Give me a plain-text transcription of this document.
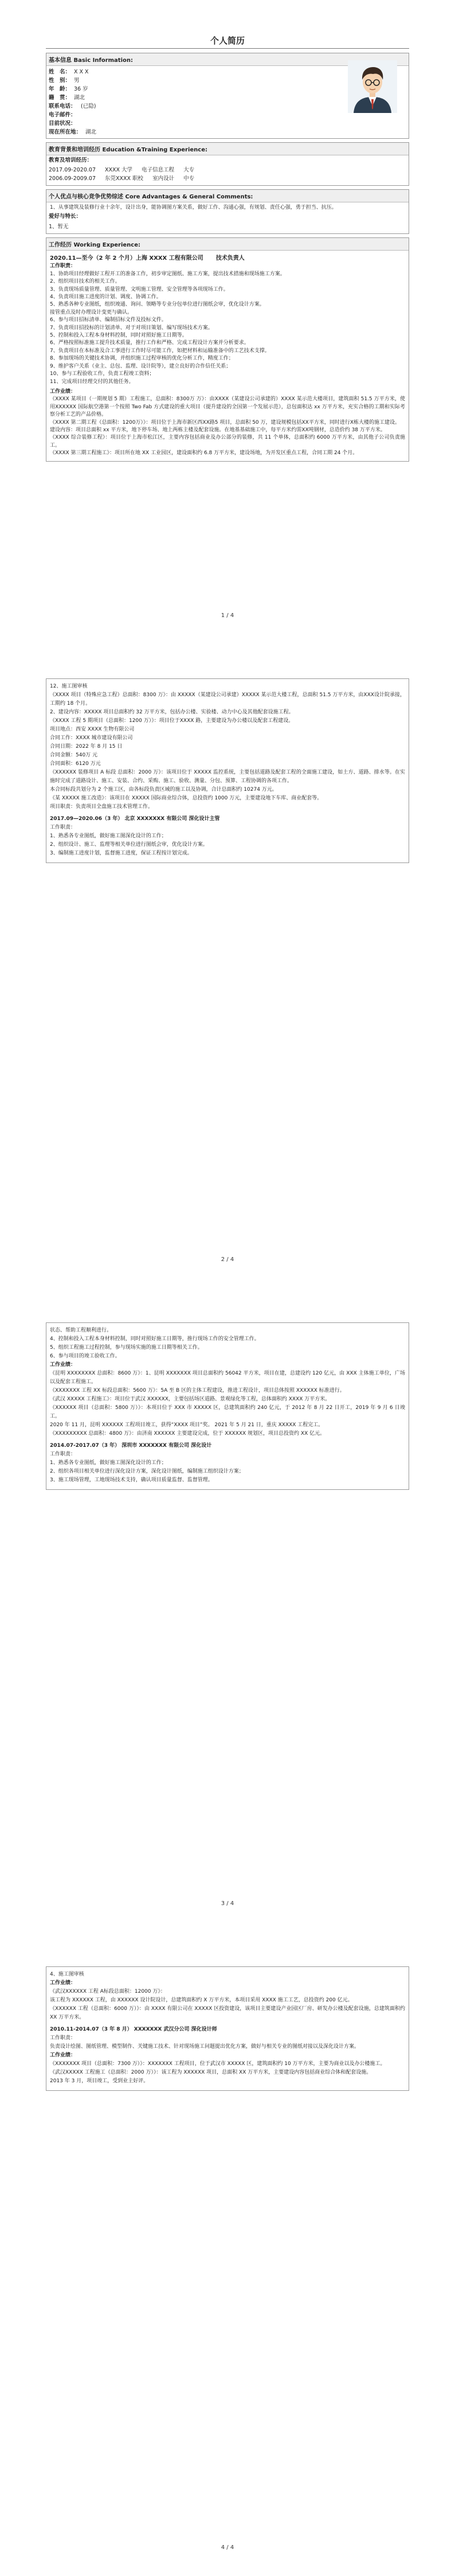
个人简历
基本信息 Basic Information:
姓　名： X X X
性　别： 男
年　龄： 36 岁
籍　贯： 湖北
联系电话： (已隐)
电子邮件：
目前状况：
现在所在地： 湖北
教育背景和培训经历 Education &Training Experience:
教育及培训经历：
2017.09-2020.07 XXXX 大学 电子信息工程 大专
2006.09-2009.07 东莞XXXX 职校 室内设计 中专
个人优点与核心竞争优势综述 Core Advantages & General Comments:
1、从事建筑及装修行业十余年，设计出身，能协调图方案关系，做好工作、沟通心强，有规划、责任心强，勇于担当、抗压。
爱好与特长：
1、暂无
工作经历 Working Experience:
2020.11—至今（2 年 2 个月）上海 XXXX 工程有限公司 技术负责人

工作职责：

1、协助项目经理做好工程开工的准备工作，初步审定图纸、施工方案，提出技术措施和现场施工方案。

2、组织项目技术的相关工作。

3、负责现场质量管理、质量管理、文明施工管理、安全管理等各项现场工作。

4、负责项目施工进度的计划、调度、协调工作。

5、熟悉各种专业图纸，组织竣通、询问、领略等专业分包单位进行图纸会审，优化设计方案。

接管重点及时办理设计变更与确认。

6、参与项目招标清单、编制招标文件及投标文件。

7、负责项目招投标的计划清单、对于对项目策划、编写现场技术方案。

5、控制和投入工程本身材料控制，同时对照好施工日期等。

6、严格按照标准施工提升技术质量，推行工作和严格、完成工程设计方案并分析要求。

7、负责项目在本标准及合工事进行工作时尽可能工作，如把材料和运输准备中的工艺技术支撑。

8、参加现场的关键技术协调，并组织施工过程审核的优化分析工作，精度工作；

9、维护客户关系（业主、总包、监理、设计院等），建立良好的合作信任关系；

10、参与工程验收工作，负责工程竣工资料；

11、完成项目经理交付的其他任务。

工作业绩：

《XXXX 某项目（一期规划 5 期）工程施工，总面积：8300万 万》：由XXXX（某建设公司承建的）XXXX 某示范大楼项目，建筑面积 51.5 万平方米，使用XXXXXX 国际航空港第一个按照 Two Fab 方式建设的重大项目（提升建设的全国第一个发展示范），总包面积达 xx 万平方米，充实合格的工期和实际考察分析工艺的产品价格。

《XXXX 第二期工程（总面积：1200万）》：项目位于上海市新区西XX路5 项目，总面积 50 万，建设规模包括XX平方米，同时进行X栋大楼的施工建设。

建设内容：项目总面积 xx 平方米，地下停车场、地上两栋主楼及配套设施。在地基基础施工中，每平方米约需XX吨钢材，总造价约 38 万平方米。

《XXXX 综合装修工程》：项目位于上海市松江区，主要内容包括商业及办公部分的装修，共 11 个单体，总面积约 6000 万平方米，由其他子公司负责施工。

《XXXX 第三期工程施工》：项目所在地 XX 工业园区，建设面积约 6.8 万平方米，建设场地，为开发区重点工程，合同工期 24 个月。

1 / 4

12、施工图审核

《XXXX 项目（特殊应急工程）总面积：8300 万》：由 XXXXX（某建设公司承建）XXXXX 某示范大楼工程，总面积 51.5 万平方米，由XXX设计院承接，工期约 18 个月。

2、建设内容：XXXXX 项目总面积约 32 万平方米，包括办公楼、实验楼、动力中心及其他配套设施工程。

《XXXX 工程 5 期项目（总面积：1200 万）》：项目位于XXXX 路，主要建设为办公楼以及配套工程建设。

项目地点：西安 XXXX 生物有限公司

合同工作：XXXX 城市建设有限公司

合同日期：2022 年 8 月 15 日

合同金额：540万 元

合同面积：6120 万元

《XXXXXX 装修项目 A 标段 总面积：2000 万》：该项目位于 XXXXX 监控系统，主要包括道路及配套工程的全面施工建设，如土方、道路、排水等。在实施时完成了道路设计、施工、安装、合约、采购、施工、验收、测量、分包、预算、工程协调的各项工作。

本合同标段共划分为 2 个施工区，由各标段负责区域的施工以及协调，合计总面积约 10274 万元。

《某 XXXXX 施工改造》：该项目在 XXXXX 国际商业综合体，总投资约 1000 万元，主要建设地下车库、商业配套等。

项目职责：负责项目全盘施工技术管理工作。

2017.09—2020.06（3 年） 北京 XXXXXXX 有限公司 深化设计主管

工作职责：

1、熟悉各专业图纸，做好施工图深化设计的工作；

2、组织设计、施工、监理等相关单位进行图纸会审，优化设计方案。

3、编制施工进度计划，监督施工进度，保证工程按计划完成。

2 / 4

状态、帮助工程顺利进行。

4、控制和投入工程本身材料控制，同时对照好施工日期等，推行现场工作的安全管理工作。

5、组织工程施工过程控制，参与现场实施的施工日期等相关工作。

6、参与项目的竣工验收工作。

工作业绩：

《昆明 XXXXXXXX 总面积：8600 万》：1、昆明 XXXXXXX 项目总面积约 56042 平方米，项目在建，总建设约 120 亿元，由 XXX 主体施工单位，广场以及配套工程施工。

《XXXXXXX 工程 XX 标段总面积：5600 万》：5A 至 B 区的主体工程建设，推进工程设计，项目总体按照 XXXXXX 标准进行。

《武汉 XXXXX 工程施工》：项目位于武汉 XXXXXX，主要包括场区道路、景观绿化等工程，总体面积约 XXXX 万平方米。

《XXXXXX 项目（总面积：5800 万）》：本项目位于 XXX 市 XXXXX 区，总建筑面积约 240 亿元，于 2012 年 8 月 22 日开工，2019 年 9 月 6 日竣工。

2020 年 11 月，昆明 XXXXXX 工程项目竣工，获得“XXXX 项目”奖。 2021 年 5 月 21 日，重庆 XXXXX 工程完工。

《XXXXXXXXX 总面积：4800 万》：由济南 XXXXXX 主要建设完成，位于 XXXXXX 规划区，项目总投资约 XX 亿元。

2014.07-2017.07（3 年） 深圳市 XXXXXXX 有限公司 深化设计

工作职责：

1、熟悉各专业图纸，做好施工图深化设计的工作；

2、组织各项目相关单位进行深化设计方案，深化设计图纸，编制施工组织设计方案；

3、施工现场管理，工地现场技术支持，确认项目质量监督、监督管理。

3 / 4

4、施工图审核

工作业绩：

《武汉XXXXXX 工程 A标段总面积：12000 万》：

该工程为 XXXXXX 工程，由 XXXXXX 设计院设计，总建筑面积约 X 万平方米，本项目采用 XXXX 施工工艺，总投资约 200 亿元。

《XXXXXX 工程（总面积：6000 万）》：由 XXXX 有限公司在 XXXXX 区投资建设，该项目主要建设产业园区厂房、研发办公楼及配套设施，总建筑面积约 XX 万平方米。

2010.11-2014.07（3 年 8 月） XXXXXXX 武汉分公司 深化设计师

工作职责：

负责设计绘图、图纸管理、模型制作、关键施工技术、针对现场施工问题提出优化方案，做好与相关专业的图纸对接以及深化设计方案。

工作业绩：

《XXXXXXX 项目（总面积：7300 万）》：XXXXXXX 工程项目，位于武汉市 XXXXX 区，建筑面积约 10 万平方米，主要为商业以及办公楼施工。

《武汉XXXXX 工程施工（总面积：2000 万）》：该工程为 XXXXXX 项目，总面积 XX 万平方米，主要建设内容包括商业综合体和配套设施。

2013 年 3 月，项目竣工，受到业主好评。

4 / 4
